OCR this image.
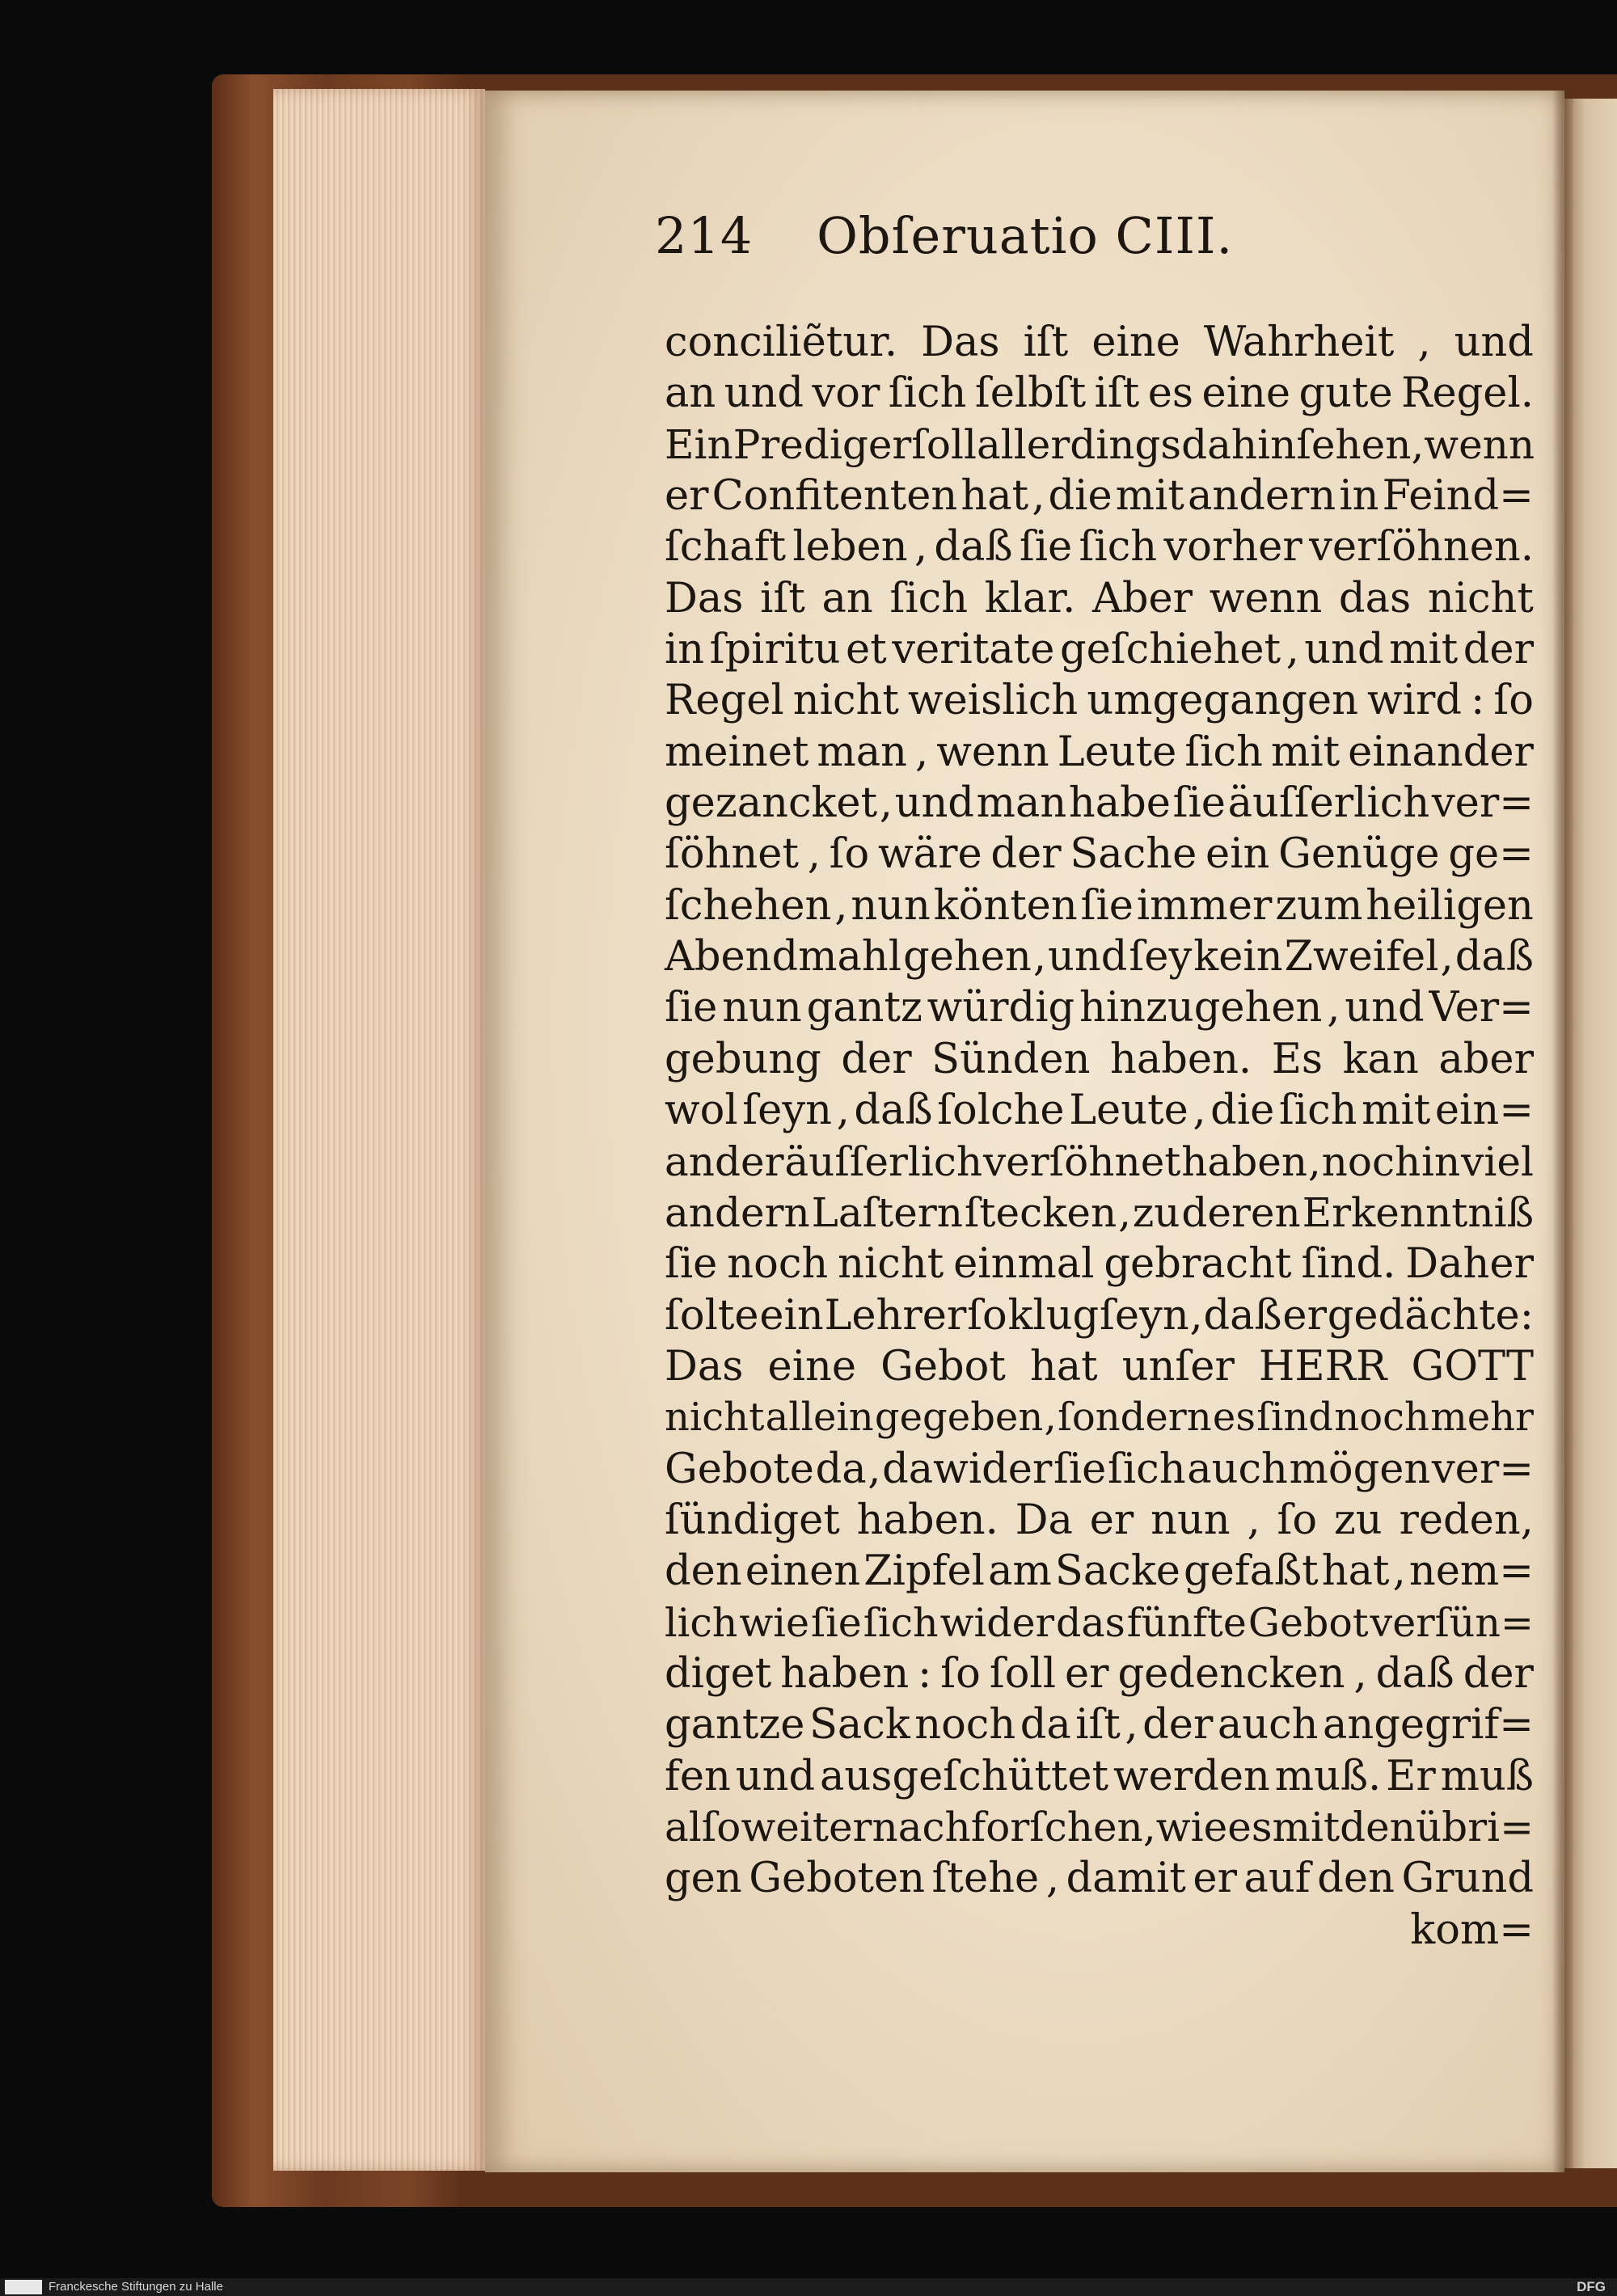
214 Obſeruatio CIII.
conciliẽtur. Das iſt eine Wahrheit , und
an und vor ſich ſelbſt iſt es eine gute Regel.
Ein Prediger ſoll allerdings dahin ſehen,wenn
er Confitenten hat , die mit andern in Feind=
ſchaft leben , daß ſie ſich vorher verſöhnen.
Das iſt an ſich klar. Aber wenn das nicht
in ſpiritu et veritate geſchiehet , und mit der
Regel nicht weislich umgegangen wird : ſo
meinet man , wenn Leute ſich mit einander
gezancket , und man habe ſie äuſſerlich ver=
ſöhnet , ſo wäre der Sache ein Genüge ge=
ſchehen , nun könten ſie immer zum heiligen
Abendmahl gehen , und ſey kein Zweifel , daß
ſie nun gantz würdig hinzugehen , und Ver=
gebung der Sünden haben. Es kan aber
wol ſeyn , daß ſolche Leute , die ſich mit ein=
ander äuſſerlich verſöhnet haben , noch in viel
andern Laſtern ſtecken , zu deren Erkenntniß
ſie noch nicht einmal gebracht ſind. Daher
ſolte ein Lehrer ſo klug ſeyn , daß er gedächte:
Das eine Gebot hat unſer HERR GOTT
nicht allein gegeben , ſondern es ſind noch mehr
Gebote da , dawider ſie ſich auch mögen ver=
ſündiget haben. Da er nun , ſo zu reden,
den einen Zipfel am Sacke gefaßt hat , nem=
lich wie ſie ſich wider das fünfte Gebot verſün=
diget haben : ſo ſoll er gedencken , daß der
gantze Sack noch da iſt , der auch angegrif=
fen und ausgeſchüttet werden muß. Er muß
alſo weiter nachforſchen , wie es mit den übri=
gen Geboten ſtehe , damit er auf den Grund
kom=
Franckesche Stiftungen zu Halle	DFG
